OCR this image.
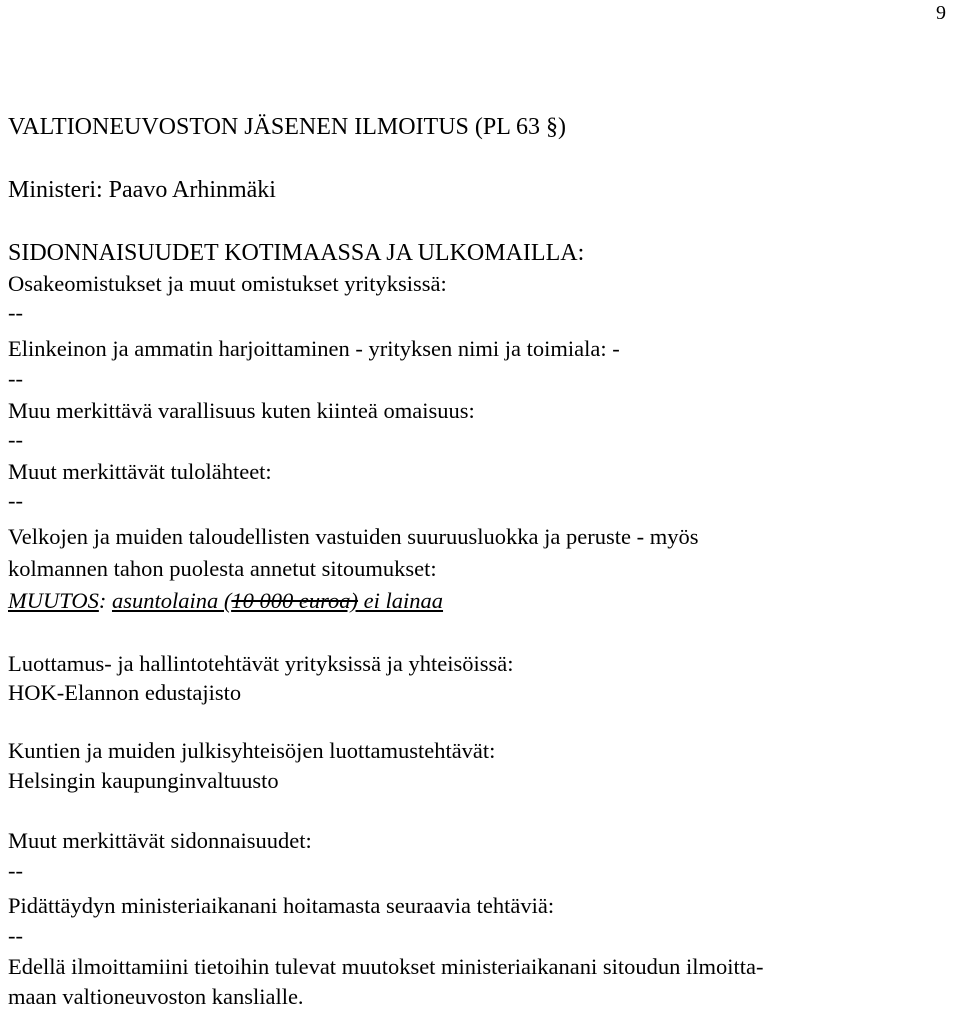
9
VALTIONEUVOSTON JÄSENEN ILMOITUS (PL 63 §)
Ministeri: Paavo Arhinmäki
SIDONNAISUUDET KOTIMAASSA JA ULKOMAILLA:
Osakeomistukset ja muut omistukset yrityksissä:
--
Elinkeinon ja ammatin harjoittaminen - yrityksen nimi ja toimiala: -
--
Muu merkittävä varallisuus kuten kiinteä omaisuus:
--
Muut merkittävät tulolähteet:
--
Velkojen ja muiden taloudellisten vastuiden suuruusluokka ja peruste - myös
kolmannen tahon puolesta annetut sitoumukset:
MUUTOS: asuntolaina (10 000 euroa) ei lainaa
Luottamus- ja hallintotehtävät yrityksissä ja yhteisöissä:
HOK-Elannon edustajisto
Kuntien ja muiden julkisyhteisöjen luottamustehtävät:
Helsingin kaupunginvaltuusto
Muut merkittävät sidonnaisuudet:
--
Pidättäydyn ministeriaikanani hoitamasta seuraavia tehtäviä:
--
Edellä ilmoittamiini tietoihin tulevat muutokset ministeriaikanani sitoudun ilmoitta-
maan valtioneuvoston kanslialle.
